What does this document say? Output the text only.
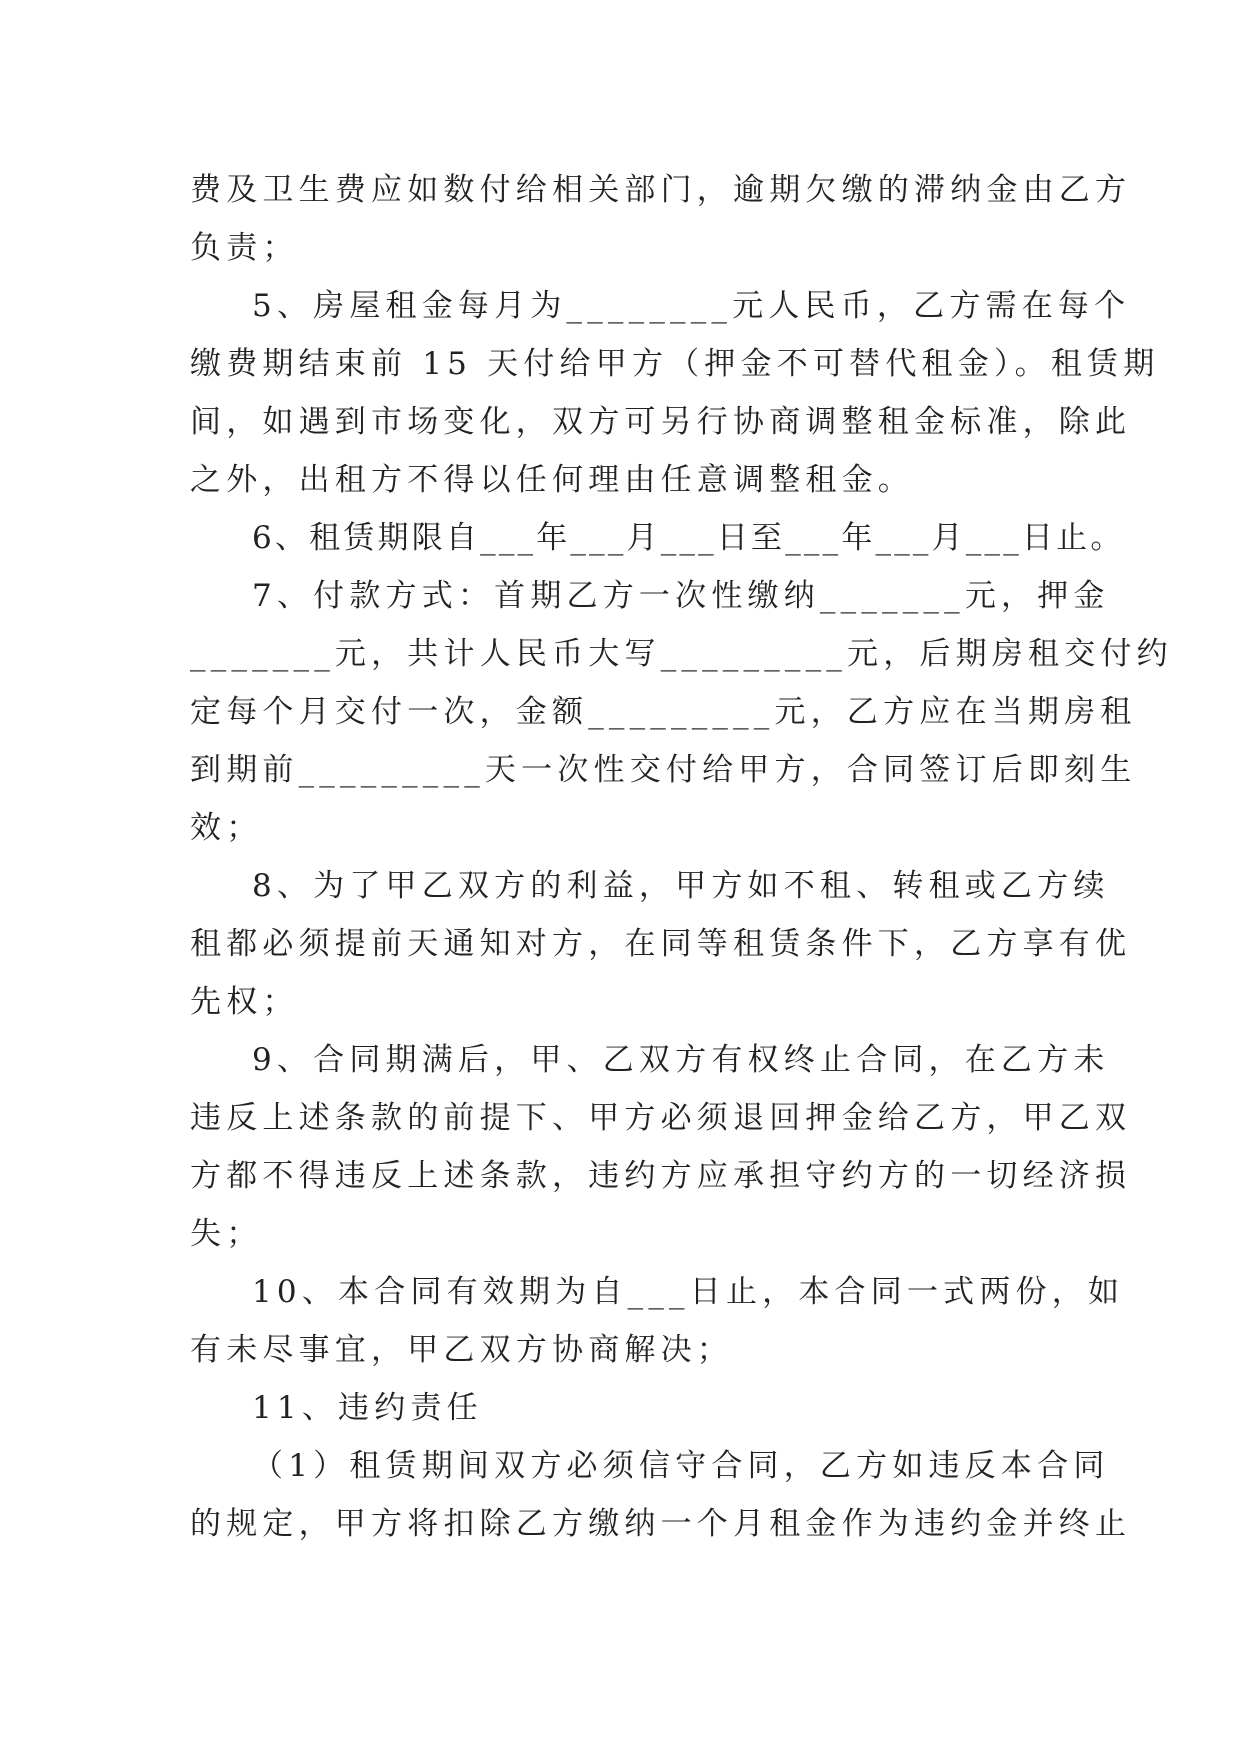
费及卫生费应如数付给相关部门，逾期欠缴的滞纳金由乙方
负责；
5、房屋租金每月为________元人民币，乙方需在每个
缴费期结束前 15 天付给甲方（押金不可替代租金）。租赁期
间，如遇到市场变化，双方可另行协商调整租金标准，除此
之外，出租方不得以任何理由任意调整租金。
6、租赁期限自___年___月___日至___年___月___日止。
7、付款方式：首期乙方一次性缴纳_______元，押金
_______元，共计人民币大写_________元，后期房租交付约
定每个月交付一次，金额_________元，乙方应在当期房租
到期前_________天一次性交付给甲方，合同签订后即刻生
效；
8、为了甲乙双方的利益，甲方如不租、转租或乙方续
租都必须提前天通知对方，在同等租赁条件下，乙方享有优
先权；
9、合同期满后，甲、乙双方有权终止合同，在乙方未
违反上述条款的前提下、甲方必须退回押金给乙方，甲乙双
方都不得违反上述条款，违约方应承担守约方的一切经济损
失；
10、本合同有效期为自___日止，本合同一式两份，如
有未尽事宜，甲乙双方协商解决；
11、违约责任
（1）租赁期间双方必须信守合同，乙方如违反本合同
的规定，甲方将扣除乙方缴纳一个月租金作为违约金并终止
